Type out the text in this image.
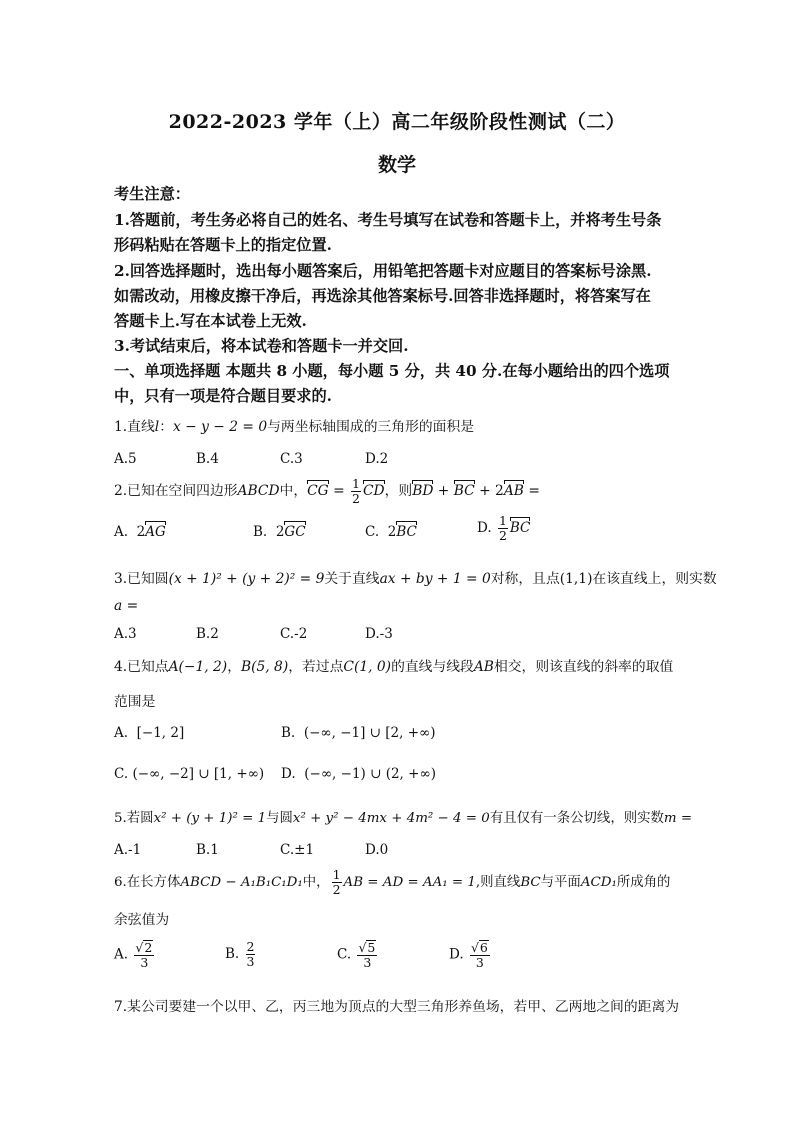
2022-2023 学年（上）高二年级阶段性测试（二）
数学
考生注意：
1.答题前，考生务必将自己的姓名、考生号填写在试卷和答题卡上，并将考生号条
形码粘贴在答题卡上的指定位置.
2.回答选择题时，选出每小题答案后，用铅笔把答题卡对应题目的答案标号涂黑.
如需改动，用橡皮擦干净后，再选涂其他答案标号.回答非选择题时，将答案写在
答题卡上.写在本试卷上无效.
3.考试结束后，将本试卷和答题卡一并交回.
一、单项选择题 本题共 8 小题，每小题 5 分，共 40 分.在每小题给出的四个选项
中，只有一项是符合题目要求的.
1.直线l：x − y − 2 = 0与两坐标轴围成的三角形的面积是
A.5	B.4	C.3	D.2
2.已知在空间四边形ABCD中，CG = $\frac{1}{2}$ CD，则BD + BC + 2AB =
A. 2AG	B. 2GC	C. 2BC	D. $\frac{1}{2}$ BC
3.已知圆(x + 1)² + (y + 2)² = 9关于直线ax + by + 1 = 0对称，且点(1,1)在该直线上，则实数
a =
A.3	B.2	C.-2	D.-3
4.已知点A(−1, 2)，B(5, 8)，若过点C(1, 0)的直线与线段AB相交，则该直线的斜率的取值
范围是
A. [−1, 2]	B. (−∞, −1] ∪ [2, +∞)
C. (−∞, −2] ∪ [1, +∞) D. (−∞, −1) ∪ (2, +∞)
5.若圆x² + (y + 1)² = 1与圆x² + y² − 4mx + 4m² − 4 = 0有且仅有一条公切线，则实数m =
A.-1	B.1	C.±1	D.0
6.在长方体ABCD − A₁B₁C₁D₁中， $\frac{1}{2}$ AB = AD = AA₁ = 1,则直线BC与平面ACD₁所成角的
余弦值为
A. $\frac{√2}{3}$	B. $\frac{2}{3}$	C. $\frac{√5}{3}$	D. $\frac{√6}{3}$
7.某公司要建一个以甲、乙，丙三地为顶点的大型三角形养鱼场，若甲、乙两地之间的距离为
